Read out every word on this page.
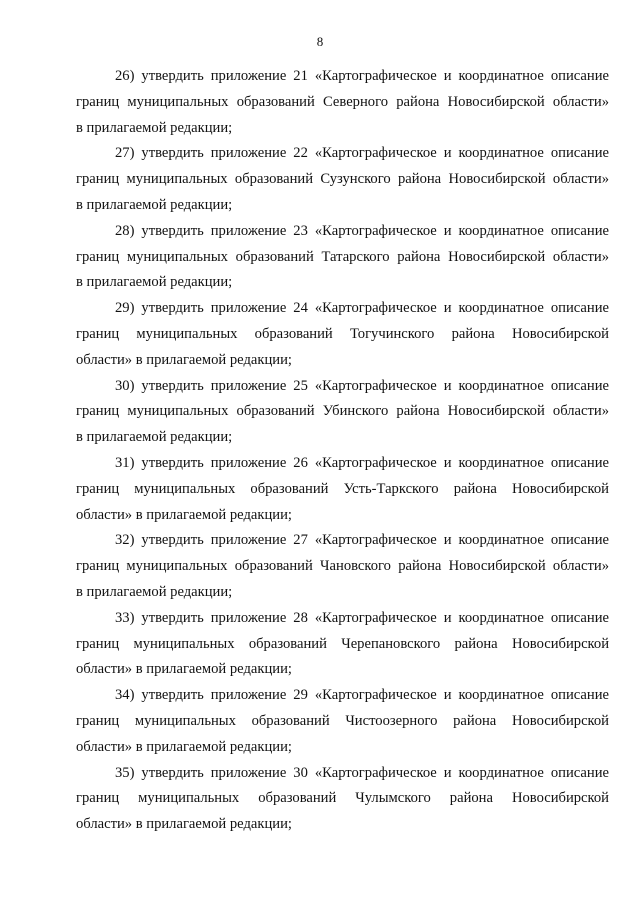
8
26) утвердить приложение 21 «Картографическое и координатное описание
границ муниципальных образований Северного района Новосибирской области»
в прилагаемой редакции;
27) утвердить приложение 22 «Картографическое и координатное описание
границ муниципальных образований Сузунского района Новосибирской области»
в прилагаемой редакции;
28) утвердить приложение 23 «Картографическое и координатное описание
границ муниципальных образований Татарского района Новосибирской области»
в прилагаемой редакции;
29) утвердить приложение 24 «Картографическое и координатное описание
границ муниципальных образований Тогучинского района Новосибирской
области» в прилагаемой редакции;
30) утвердить приложение 25 «Картографическое и координатное описание
границ муниципальных образований Убинского района Новосибирской области»
в прилагаемой редакции;
31) утвердить приложение 26 «Картографическое и координатное описание
границ муниципальных образований Усть-Таркского района Новосибирской
области» в прилагаемой редакции;
32) утвердить приложение 27 «Картографическое и координатное описание
границ муниципальных образований Чановского района Новосибирской области»
в прилагаемой редакции;
33) утвердить приложение 28 «Картографическое и координатное описание
границ муниципальных образований Черепановского района Новосибирской
области» в прилагаемой редакции;
34) утвердить приложение 29 «Картографическое и координатное описание
границ муниципальных образований Чистоозерного района Новосибирской
области» в прилагаемой редакции;
35) утвердить приложение 30 «Картографическое и координатное описание
границ муниципальных образований Чулымского района Новосибирской
области» в прилагаемой редакции;
